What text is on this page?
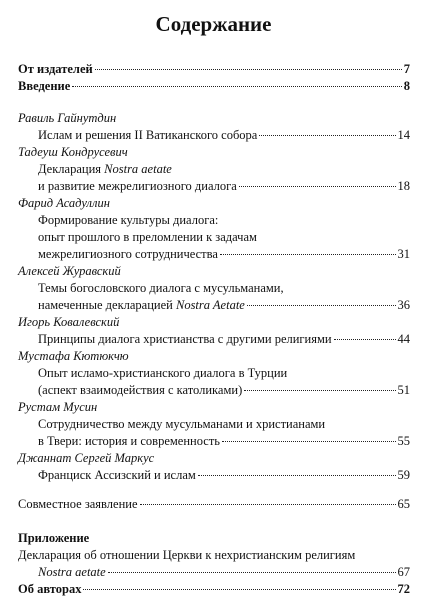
Содержание
От издателей	7
Введение	8
Равиль Гайнутдин
Ислам и решения II Ватиканского собора	14
Тадеуш Кондрусевич
Декларация Nostra aetate
и развитие межрелигиозного диалога	18
Фарид Асадуллин
Формирование культуры диалога:
опыт прошлого в преломлении к задачам
межрелигиозного сотрудничества	31
Алексей Журавский
Темы богословского диалога с мусульманами,
намеченные декларацией Nostra Aetate	36
Игорь Ковалевский
Принципы диалога христианства с другими религиями	44
Мустафа Кютюкчю
Опыт исламо-христианского диалога в Турции
(аспект взаимодействия с католиками)	51
Рустам Мусин
Сотрудничество между мусульманами и христианами
в Твери: история и современность	55
Джаннат Сергей Маркус
Франциск Ассизский и ислам	59
Совместное заявление	65
Приложение
Декларация об отношении Церкви к нехристианским религиям
Nostra aetate	67
Об авторах	72
